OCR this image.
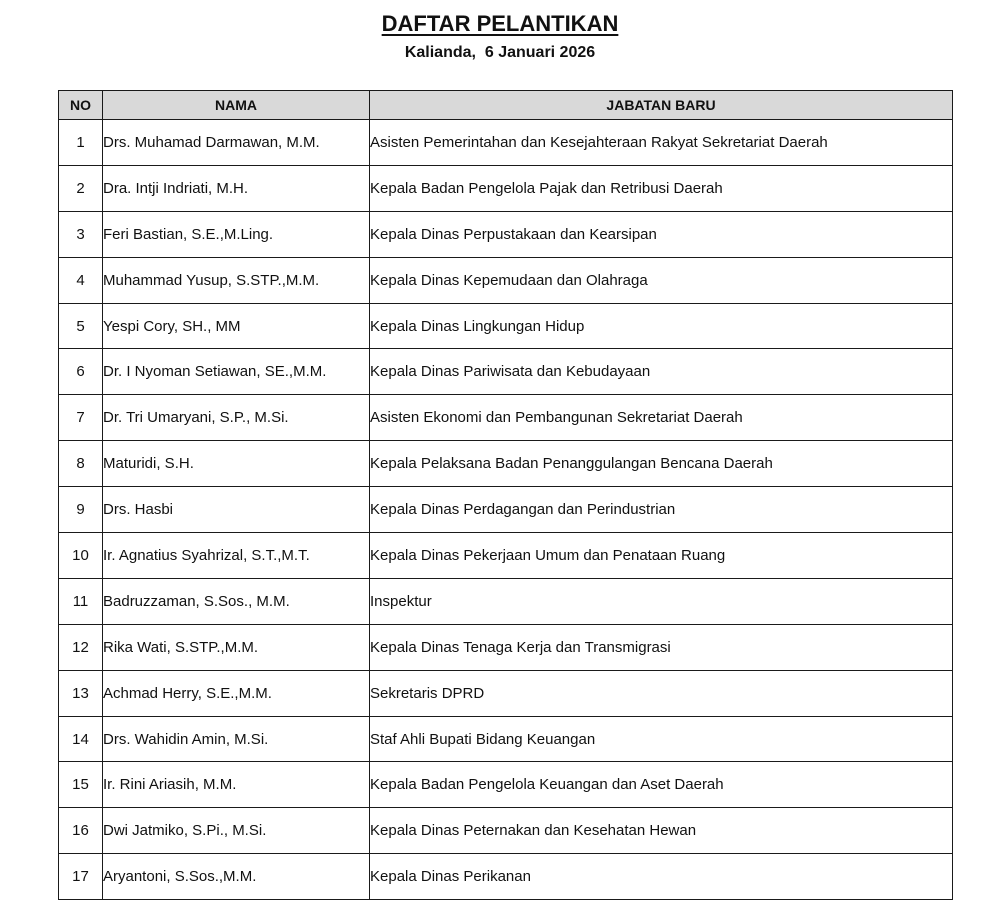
DAFTAR PELANTIKAN
Kalianda,  6 Januari 2026
NO	NAMA	JABATAN BARU
1	Drs. Muhamad Darmawan, M.M.	Asisten Pemerintahan dan Kesejahteraan Rakyat Sekretariat Daerah
2	Dra. Intji Indriati, M.H.	Kepala Badan Pengelola Pajak dan Retribusi Daerah
3	Feri Bastian, S.E.,M.Ling.	Kepala Dinas Perpustakaan dan Kearsipan
4	Muhammad Yusup, S.STP.,M.M.	Kepala Dinas Kepemudaan dan Olahraga
5	Yespi Cory, SH., MM	Kepala Dinas Lingkungan Hidup
6	Dr. I Nyoman Setiawan, SE.,M.M.	Kepala Dinas Pariwisata dan Kebudayaan
7	Dr. Tri Umaryani, S.P., M.Si.	Asisten Ekonomi dan Pembangunan Sekretariat Daerah
8	Maturidi, S.H.	Kepala Pelaksana Badan Penanggulangan Bencana Daerah
9	Drs. Hasbi	Kepala Dinas Perdagangan dan Perindustrian
10	Ir. Agnatius Syahrizal, S.T.,M.T.	Kepala Dinas Pekerjaan Umum dan Penataan Ruang
11	Badruzzaman, S.Sos., M.M.	Inspektur
12	Rika Wati, S.STP.,M.M.	Kepala Dinas Tenaga Kerja dan Transmigrasi
13	Achmad Herry, S.E.,M.M.	Sekretaris DPRD
14	Drs. Wahidin Amin, M.Si.	Staf Ahli Bupati Bidang Keuangan
15	Ir. Rini Ariasih, M.M.	Kepala Badan Pengelola Keuangan dan Aset Daerah
16	Dwi Jatmiko, S.Pi., M.Si.	Kepala Dinas Peternakan dan Kesehatan Hewan
17	Aryantoni, S.Sos.,M.M.	Kepala Dinas Perikanan
